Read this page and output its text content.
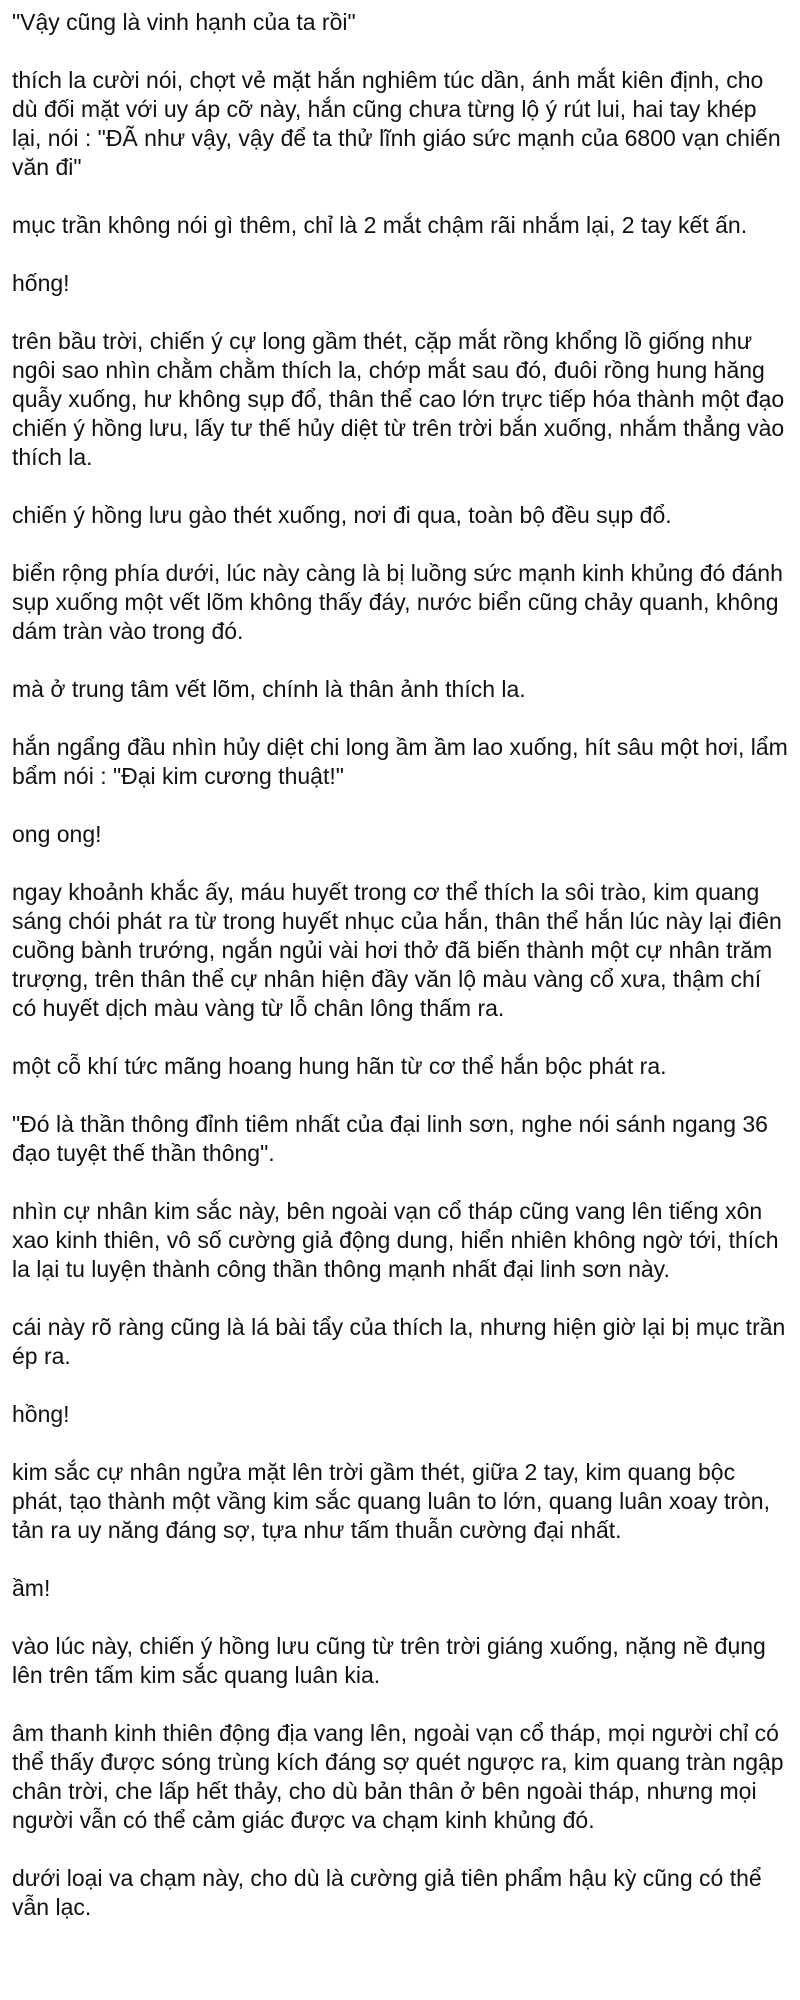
"Vậy cũng là vinh hạnh của ta rồi"

thích la cười nói, chợt vẻ mặt hắn nghiêm túc dần, ánh mắt kiên định, cho dù đối mặt với uy áp cỡ này, hắn cũng chưa từng lộ ý rút lui, hai tay khép lại, nói : "ĐÃ như vậy, vậy để ta thử lĩnh giáo sức mạnh của 6800 vạn chiến văn đi"

mục trần không nói gì thêm, chỉ là 2 mắt chậm rãi nhắm lại, 2 tay kết ấn.

hống!

trên bầu trời, chiến ý cự long gầm thét, cặp mắt rồng khổng lồ giống như ngôi sao nhìn chằm chằm thích la, chớp mắt sau đó, đuôi rồng hung hăng quẫy xuống, hư không sụp đổ, thân thể cao lớn trực tiếp hóa thành một đạo chiến ý hồng lưu, lấy tư thế hủy diệt từ trên trời bắn xuống, nhắm thẳng vào thích la.

chiến ý hồng lưu gào thét xuống, nơi đi qua, toàn bộ đều sụp đổ.

biển rộng phía dưới, lúc này càng là bị luồng sức mạnh kinh khủng đó đánh sụp xuống một vết lõm không thấy đáy, nước biển cũng chảy quanh, không dám tràn vào trong đó.

mà ở trung tâm vết lõm, chính là thân ảnh thích la.

hắn ngẩng đầu nhìn hủy diệt chi long ầm ầm lao xuống, hít sâu một hơi, lẩm bẩm nói : "Đại kim cương thuật!"

ong ong!

ngay khoảnh khắc ấy, máu huyết trong cơ thể thích la sôi trào, kim quang sáng chói phát ra từ trong huyết nhục của hắn, thân thể hắn lúc này lại điên cuồng bành trướng, ngắn ngủi vài hơi thở đã biến thành một cự nhân trăm trượng, trên thân thể cự nhân hiện đầy văn lộ màu vàng cổ xưa, thậm chí có huyết dịch màu vàng từ lỗ chân lông thấm ra.

một cỗ khí tức mãng hoang hung hãn từ cơ thể hắn bộc phát ra.

"Đó là thần thông đỉnh tiêm nhất của đại linh sơn, nghe nói sánh ngang 36 đạo tuyệt thế thần thông".

nhìn cự nhân kim sắc này, bên ngoài vạn cổ tháp cũng vang lên tiếng xôn xao kinh thiên, vô số cường giả động dung, hiển nhiên không ngờ tới, thích la lại tu luyện thành công thần thông mạnh nhất đại linh sơn này.

cái này rõ ràng cũng là lá bài tẩy của thích la, nhưng hiện giờ lại bị mục trần ép ra.

hồng!

kim sắc cự nhân ngửa mặt lên trời gầm thét, giữa 2 tay, kim quang bộc phát, tạo thành một vầng kim sắc quang luân to lớn, quang luân xoay tròn, tản ra uy năng đáng sợ, tựa như tấm thuẫn cường đại nhất.

ầm!

vào lúc này, chiến ý hồng lưu cũng từ trên trời giáng xuống, nặng nề đụng lên trên tấm kim sắc quang luân kia.

âm thanh kinh thiên động địa vang lên, ngoài vạn cổ tháp, mọi người chỉ có thể thấy được sóng trùng kích đáng sợ quét ngược ra, kim quang tràn ngập chân trời, che lấp hết thảy, cho dù bản thân ở bên ngoài tháp, nhưng mọi người vẫn có thể cảm giác được va chạm kinh khủng đó.

dưới loại va chạm này, cho dù là cường giả tiên phẩm hậu kỳ cũng có thể vẫn lạc.
